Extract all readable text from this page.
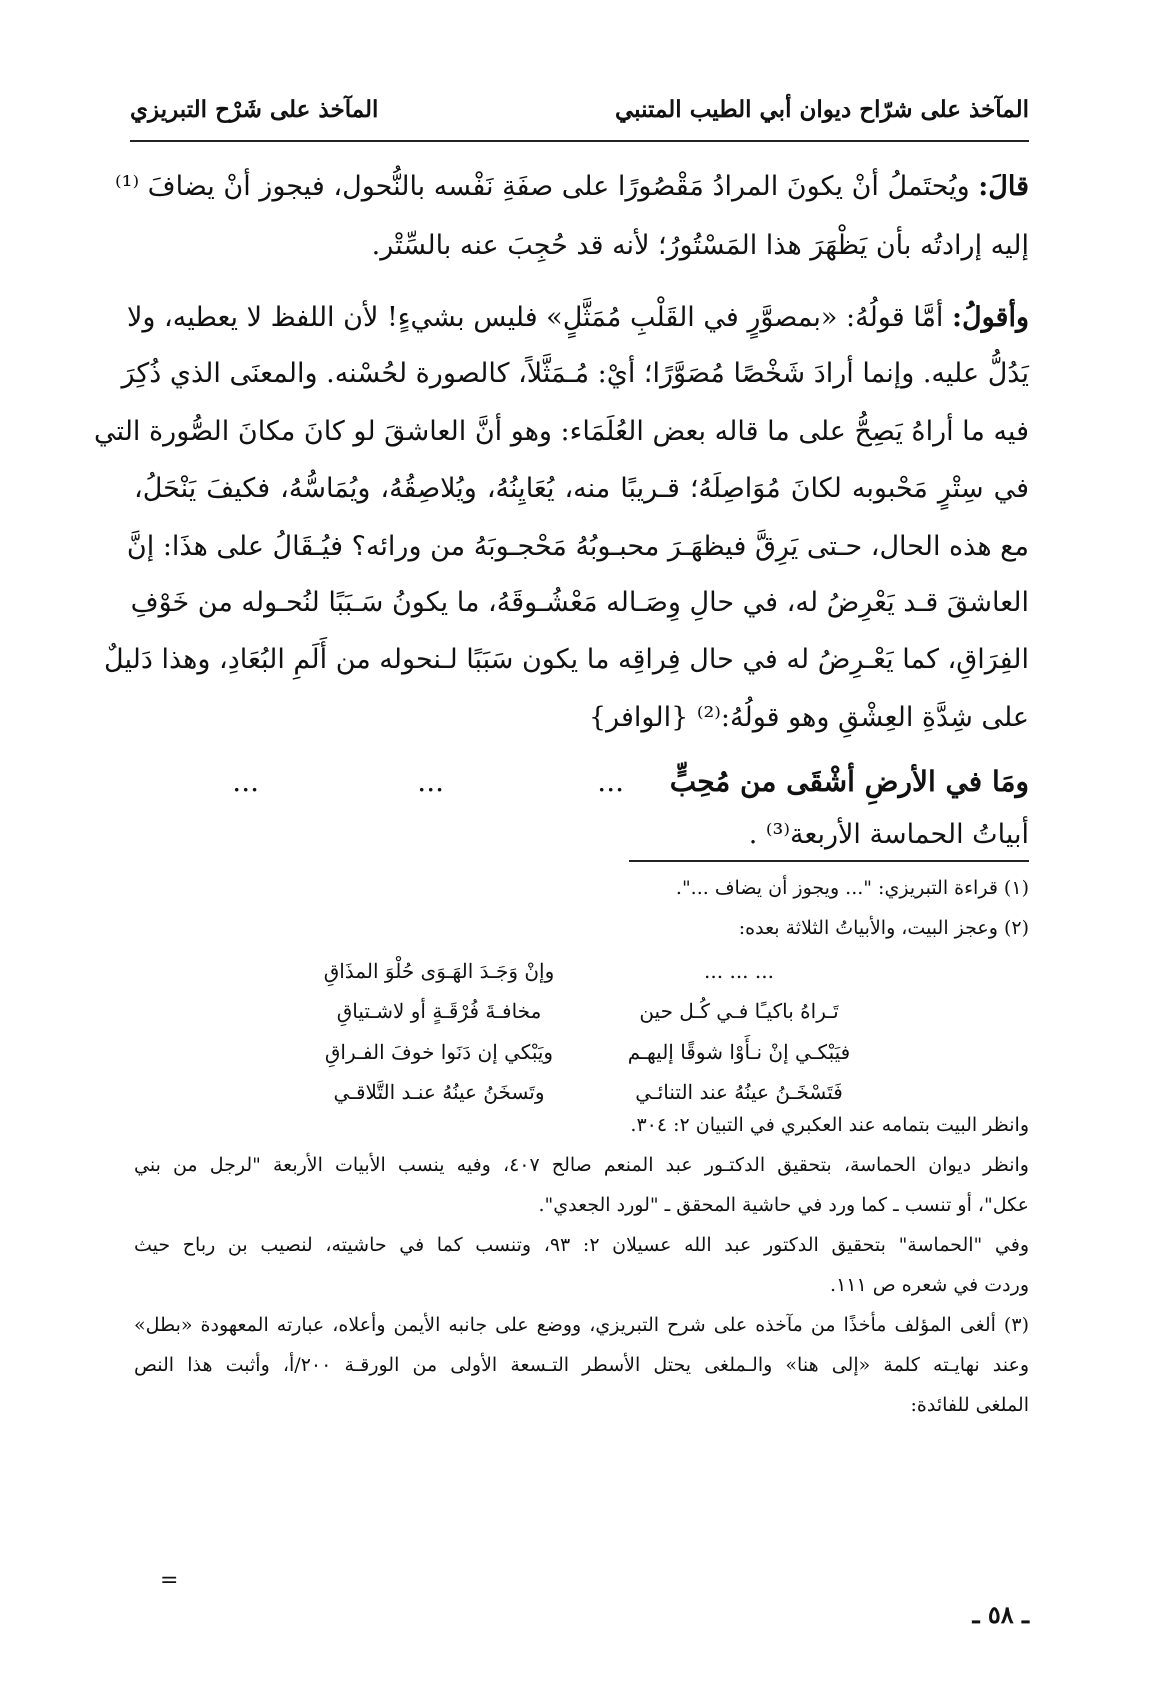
المآخذ على شرّاح ديوان أبي الطيب المتنبي
المآخذ على شَرْح التبريزي
قالَ: ويُحتَملُ أنْ يكونَ المرادُ مَقْصُورًا على صفَةِ نَفْسه بالنُّحول، فيجوز أنْ يضافَ ⁽¹⁾
إليه إرادتُه بأن يَظْهَرَ هذا المَسْتُورُ؛ لأنه قد حُجِبَ عنه بالسِّتْر.
وأقولُ: أمَّا قولُهُ: «بمصوَّرٍ في القَلْبِ مُمَثَّلٍ» فليس بشيءٍ! لأن اللفظ لا يعطيه، ولا
يَدُلُّ عليه. وإنما أرادَ شَخْصًا مُصَوَّرًا؛ أيْ: مُـمَثَّلاً، كالصورة لحُسْنه. والمعنَى الذي ذُكِرَ
فيه ما أراهُ يَصِحُّ على ما قاله بعض العُلَمَاء: وهو أنَّ العاشقَ لو كانَ مكانَ الصُّورة التي
في سِتْرٍ مَحْبوبه لكانَ مُوَاصِلَهُ؛ قـريبًا منه، يُعَايِنُهُ، ويُلاصِقُهُ، ويُمَاسُّهُ، فكيفَ يَنْحَلُ،
مع هذه الحال، حـتى يَرِقَّ فيظهَـرَ محبـوبُهُ مَحْجـوبَهُ من ورائه؟ فيُـقَالُ على هذَا: إنَّ
العاشقَ قـد يَعْرِضُ له، في حالِ وِصَـاله مَعْشُـوقَهُ، ما يكونُ سَـبَبًا لنُحـوله من خَوْفِ
الفِرَاقِ، كما يَعْـرِضُ له في حال فِراقِه ما يكون سَبَبًا لـنحوله من أَلَمِ البُعَادِ، وهذا دَليلٌ
على شِدَّةِ العِشْقِ وهو قولُهُ:⁽²⁾ {الوافر}
ومَا في الأرضِ أشْقَى من مُحِبٍّ
...
...
...
أبياتُ الحماسة الأربعة⁽³⁾ .
(١) قراءة التبريزي: "... ويجوز أن يضاف ...".
(٢) وعجز البيت، والأبياتُ الثلاثة بعده:
... ... ...
وإنْ وَجَـدَ الهَـوَى حُلْوَ المذَاقِ
تَـراهُ باكيـًا فـي كُـل حين
مخافـةَ فُرْقَـةٍ أو لاشـتياقِ
فيَبْكـي إنْ نـأَوْا شوقًا إليهـم
ويَبْكي إن دَنَوا خوفَ الفـراقِ
فَتَسْخَـنُ عينُهُ عند التنائـي
وتَسخَنُ عينُهُ عنـد التَّلاقـي
وانظر البيت بتمامه عند العكبري في التبيان ٢: ٣٠٤.
وانظر ديوان الحماسة، بتحقيق الدكتـور عبد المنعم صالح ٤٠٧، وفيه ينسب الأبيات الأربعة "لرجل من بني
عكل"، أو تنسب ـ كما ورد في حاشية المحقق ـ "لورد الجعدي".
وفي "الحماسة" بتحقيق الدكتور عبد الله عسيلان ٢: ٩٣، وتنسب كما في حاشيته، لنصيب بن رباح حيث
وردت في شعره ص ١١١.
(٣) ألغى المؤلف مأخذًا من مآخذه على شرح التبريزي، ووضع على جانبه الأيمن وأعلاه، عبارته المعهودة «بطل»
وعند نهايـته كلمة «إلى هنا» والـملغى يحتل الأسطر التـسعة الأولى من الورقـة ٢٠٠/أ، وأثبت هذا النص
الملغى للفائدة:
=
ـ ٥٨ ـ
